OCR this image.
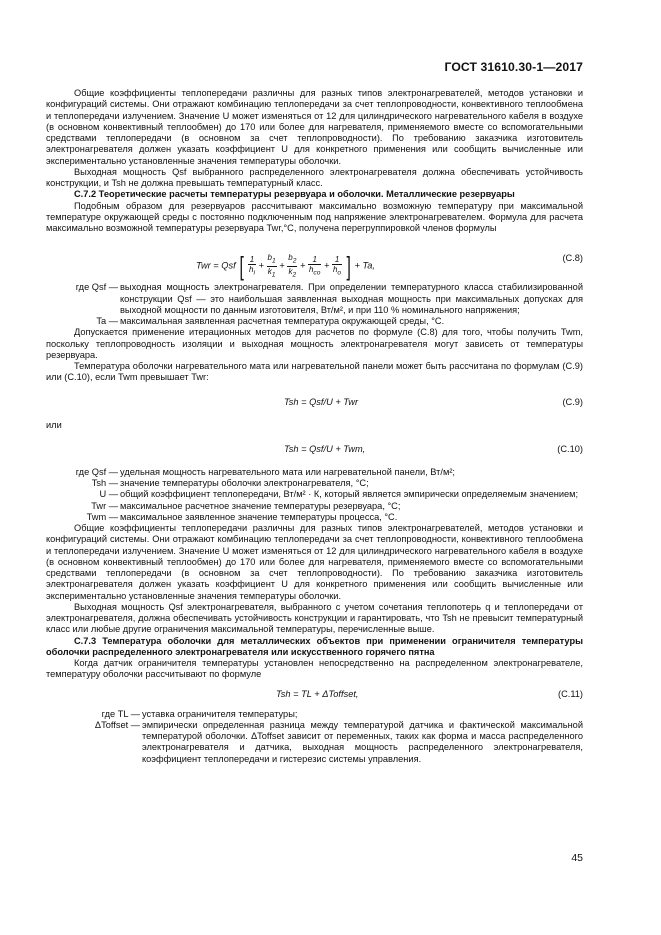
ГОСТ 31610.30-1—2017

Общие коэффициенты теплопередачи различны для разных типов электронагревателей, методов установки и конфигураций системы. Они отражают комбинацию теплопередачи за счет теплопроводности, конвективного теплообмена и теплопередачи излучением. Значение U может изменяться от 12 для цилиндрического нагревательного кабеля в воздухе (в основном конвективный теплообмен) до 170 или более для нагревателя, применяемого вместе со вспомогательными средствами теплопередачи (в основном за счет теплопроводности). По требованию заказчика изготовитель электронагревателя должен указать коэффициент U для конкретного применения или сообщить вычисленные или экспериментально установленные значения температуры оболочки.

Выходная мощность Qsf выбранного распределенного электронагревателя должна обеспечивать устойчивость конструкции, и Tsh не должна превышать температурный класс.

С.7.2 Теоретические расчеты температуры резервуара и оболочки. Металлические резервуары

Подобным образом для резервуаров рассчитывают максимально возможную температуру при максимальной температуре окружающей среды с постоянно подключенным под напряжение электронагревателем. Формула для расчета максимально возможной температуры резервуара Twr,°С, получена перегруппировкой членов формулы

Twr = Qsf [ $\frac{1}{h_i} + \frac{b_1}{k_1} + \frac{b_2}{k_2} + \frac{1}{h_{co}} + \frac{1}{h_o}$ ] + Ta,
(С.8)
где Qsf — выходная мощность электронагревателя. При определении температурного класса стабилизированной конструкции Qsf — это наибольшая заявленная выходная мощность при максимальных допусках для выходной мощности по данным изготовителя, Вт/м², и при 110 % номинального напряжения;
Ta — максимальная заявленная расчетная температура окружающей среды, °С.

Допускается применение итерационных методов для расчетов по формуле (С.8) для того, чтобы получить Twm, поскольку теплопроводность изоляции и выходная мощность электронагревателя могут зависеть от температуры резервуара.

Температура оболочки нагревательного мата или нагревательной панели может быть рассчитана по формулам (С.9) или (С.10), если Twm превышает Twr:

Tsh = Qsf/U + Twr	(С.9)

или

Tsh = Qsf/U + Twm,	(С.10)
где Qsf — удельная мощность нагревательного мата или нагревательной панели, Вт/м²;
Tsh — значение температуры оболочки электронагревателя, °С;
U — общий коэффициент теплопередачи, Вт/м² · К, который является эмпирически определяемым значением;
Twr — максимальное расчетное значение температуры резервуара, °С;
Twm — максимальное заявленное значение температуры процесса, °С.

Общие коэффициенты теплопередачи различны для разных типов электронагревателей, методов установки и конфигураций системы. Они отражают комбинацию теплопередачи за счет теплопроводности, конвективного теплообмена и теплопередачи излучением. Значение U может изменяться от 12 для цилиндрического нагревательного кабеля в воздухе (в основном конвективный теплообмен) до 170 или более для нагревателя, применяемого вместе со вспомогательными средствами теплопередачи (в основном за счет теплопроводности). По требованию заказчика изготовитель электронагревателя должен указать коэффициент U для конкретного применения или сообщить вычисленные или экспериментально установленные значения температуры оболочки.

Выходная мощность Qsf электронагревателя, выбранного с учетом сочетания теплопотерь q и теплопередачи от электронагревателя, должна обеспечивать устойчивость конструкции и гарантировать, что Tsh не превысит температурный класс или любые другие ограничения максимальной температуры, перечисленные выше.

С.7.3 Температура оболочки для металлических объектов при применении ограничителя температуры оболочки распределенного электронагревателя или искусственного горячего пятна

Когда датчик ограничителя температуры установлен непосредственно на распределенном электронагревателе, температуру оболочки рассчитывают по формуле

Tsh = TL + ΔToffset,	(С.11)
где TL — уставка ограничителя температуры;
ΔToffset — эмпирически определенная разница между температурой датчика и фактической максимальной температурой оболочки. ΔToffset зависит от переменных, таких как форма и масса распределенного электронагревателя и датчика, выходная мощность распределенного электронагревателя, коэффициент теплопередачи и гистерезис системы управления.
45
